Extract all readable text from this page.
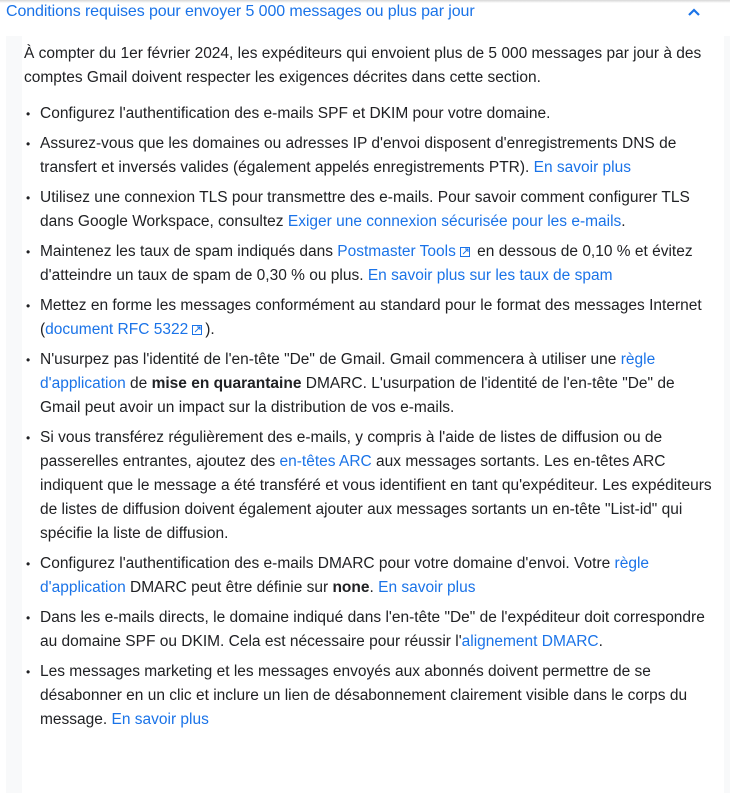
Conditions requises pour envoyer 5 000 messages ou plus par jour

À compter du 1er février 2024, les expéditeurs qui envoient plus de 5 000 messages par jour à des comptes Gmail doivent respecter les exigences décrites dans cette section.

• Configurez l'authentification des e-mails SPF et DKIM pour votre domaine.
• Assurez-vous que les domaines ou adresses IP d'envoi disposent d'enregistrements DNS de transfert et inversés valides (également appelés enregistrements PTR). En savoir plus
• Utilisez une connexion TLS pour transmettre des e-mails. Pour savoir comment configurer TLS dans Google Workspace, consultez Exiger une connexion sécurisée pour les e-mails.
• Maintenez les taux de spam indiqués dans Postmaster Tools en dessous de 0,10 % et évitez d'atteindre un taux de spam de 0,30 % ou plus. En savoir plus sur les taux de spam
• Mettez en forme les messages conformément au standard pour le format des messages Internet (document RFC 5322 ).
• N'usurpez pas l'identité de l'en-tête "De" de Gmail. Gmail commencera à utiliser une règle d'application de mise en quarantaine DMARC. L'usurpation de l'identité de l'en-tête "De" de Gmail peut avoir un impact sur la distribution de vos e-mails.
• Si vous transférez régulièrement des e-mails, y compris à l'aide de listes de diffusion ou de passerelles entrantes, ajoutez des en-têtes ARC aux messages sortants. Les en-têtes ARC indiquent que le message a été transféré et vous identifient en tant qu'expéditeur. Les expéditeurs de listes de diffusion doivent également ajouter aux messages sortants un en-tête "List-id" qui spécifie la liste de diffusion.
• Configurez l'authentification des e-mails DMARC pour votre domaine d'envoi. Votre règle d'application DMARC peut être définie sur none. En savoir plus
• Dans les e-mails directs, le domaine indiqué dans l'en-tête "De" de l'expéditeur doit correspondre au domaine SPF ou DKIM. Cela est nécessaire pour réussir l'alignement DMARC.
• Les messages marketing et les messages envoyés aux abonnés doivent permettre de se désabonner en un clic et inclure un lien de désabonnement clairement visible dans le corps du message. En savoir plus
